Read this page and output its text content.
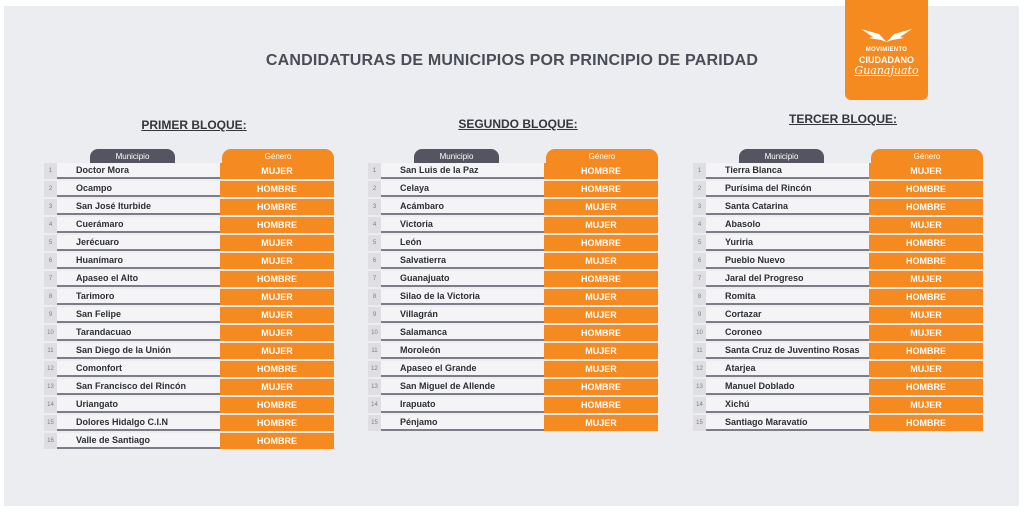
CANDIDATURAS DE MUNICIPIOS POR PRINCIPIO DE PARIDAD
MOVIMIENTO
CIUDADANO
Guanajuato
PRIMER BLOQUE:
Municipio	Género
1	Doctor Mora	MUJER
2	Ocampo	HOMBRE
3	San José Iturbide	HOMBRE
4	Cuerámaro	HOMBRE
5	Jerécuaro	MUJER
6	Huanímaro	MUJER
7	Apaseo el Alto	HOMBRE
8	Tarimoro	MUJER
9	San Felipe	MUJER
10	Tarandacuao	MUJER
11	San Diego de la Unión	MUJER
12	Comonfort	HOMBRE
13	San Francisco del Rincón	MUJER
14	Uriangato	HOMBRE
15	Dolores Hidalgo C.I.N	HOMBRE
16	Valle de Santiago	HOMBRE
SEGUNDO BLOQUE:
Municipio	Género
1	San Luis de la Paz	HOMBRE
2	Celaya	HOMBRE
3	Acámbaro	MUJER
4	Victoria	MUJER
5	León	HOMBRE
6	Salvatierra	MUJER
7	Guanajuato	HOMBRE
8	Silao de la Victoria	MUJER
9	Villagrán	MUJER
10	Salamanca	HOMBRE
11	Moroleón	MUJER
12	Apaseo el Grande	MUJER
13	San Miguel de Allende	HOMBRE
14	Irapuato	HOMBRE
15	Pénjamo	MUJER
TERCER BLOQUE:
Municipio	Género
1	Tierra Blanca	MUJER
2	Purísima del Rincón	HOMBRE
3	Santa Catarina	HOMBRE
4	Abasolo	MUJER
5	Yuriria	HOMBRE
6	Pueblo Nuevo	HOMBRE
7	Jaral del Progreso	MUJER
8	Romita	HOMBRE
9	Cortazar	MUJER
10	Coroneo	MUJER
11	Santa Cruz de Juventino Rosas	HOMBRE
12	Atarjea	MUJER
13	Manuel Doblado	HOMBRE
14	Xichú	MUJER
15	Santiago Maravatío	HOMBRE
